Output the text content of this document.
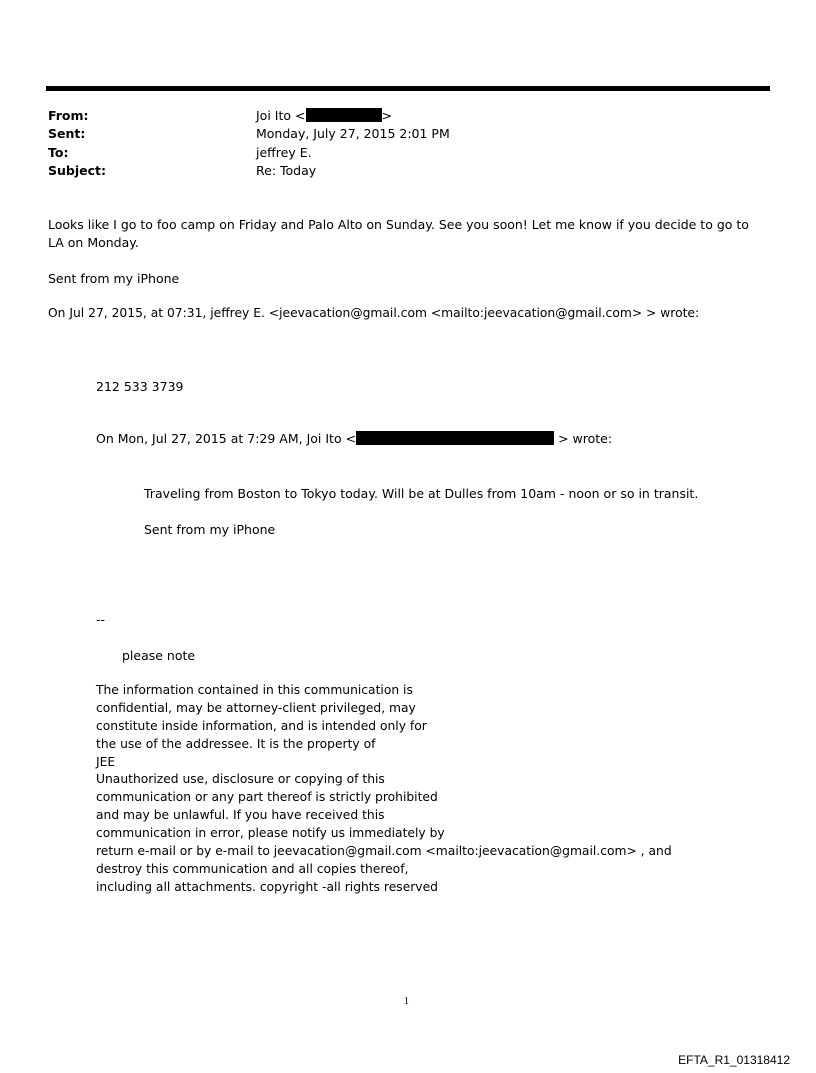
From:	Joi Ito <	>
Sent:	Monday, July 27, 2015 2:01 PM
To:	jeffrey E.
Subject:	Re: Today
Looks like I go to foo camp on Friday and Palo Alto on Sunday. See you soon! Let me know if you decide to go to LA on Monday.
Sent from my iPhone
On Jul 27, 2015, at 07:31, jeffrey E. <jeevacation@gmail.com <mailto:jeevacation@gmail.com> > wrote:
212 533 3739
On Mon, Jul 27, 2015 at 7:29 AM, Joi Ito <	> wrote:
Traveling from Boston to Tokyo today. Will be at Dulles from 10am - noon or so in transit.
Sent from my iPhone
--
please note
The information contained in this communication is
confidential, may be attorney-client privileged, may
constitute inside information, and is intended only for
the use of the addressee. It is the property of
JEE
Unauthorized use, disclosure or copying of this
communication or any part thereof is strictly prohibited
and may be unlawful. If you have received this
communication in error, please notify us immediately by
return e-mail or by e-mail to jeevacation@gmail.com <mailto:jeevacation@gmail.com> , and
destroy this communication and all copies thereof,
including all attachments. copyright -all rights reserved
1
EFTA_R1_01318412
